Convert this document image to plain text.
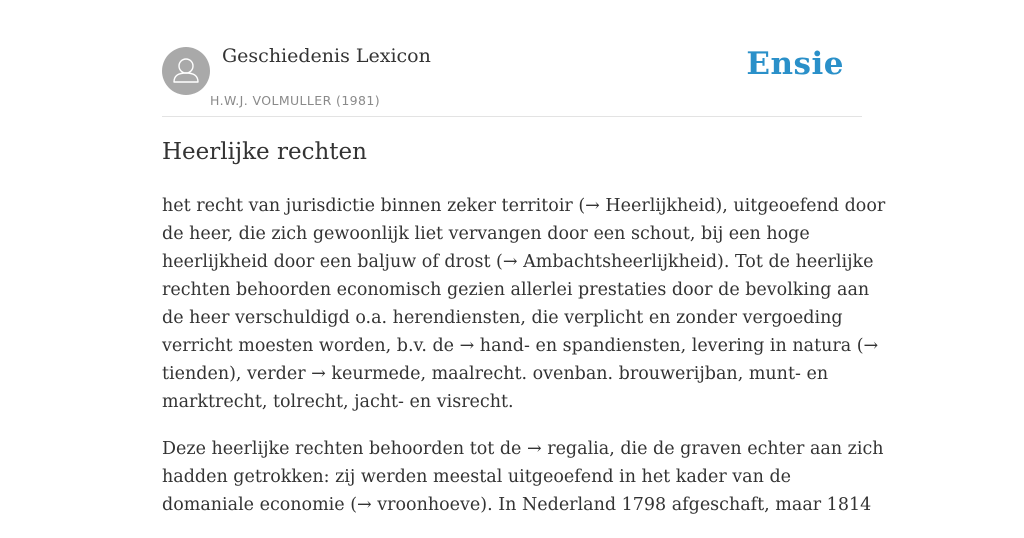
Geschiedenis Lexicon
H.W.J. VOLMULLER (1981)
Ensie
Heerlijke rechten

het recht van jurisdictie binnen zeker territoir (→ Heerlijkheid), uitgeoefend door
de heer, die zich gewoonlijk liet vervangen door een schout, bij een hoge
heerlijkheid door een baljuw of drost (→ Ambachtsheerlijkheid). Tot de heerlijke
rechten behoorden economisch gezien allerlei prestaties door de bevolking aan
de heer verschuldigd o.a. herendiensten, die verplicht en zonder vergoeding
verricht moesten worden, b.v. de → hand- en spandiensten, levering in natura (→
tienden), verder → keurmede, maalrecht. ovenban. brouwerijban, munt- en
marktrecht, tolrecht, jacht- en visrecht.

Deze heerlijke rechten behoorden tot de → regalia, die de graven echter aan zich
hadden getrokken: zij werden meestal uitgeoefend in het kader van de
domaniale economie (→ vroonhoeve). In Nederland 1798 afgeschaft, maar 1814
